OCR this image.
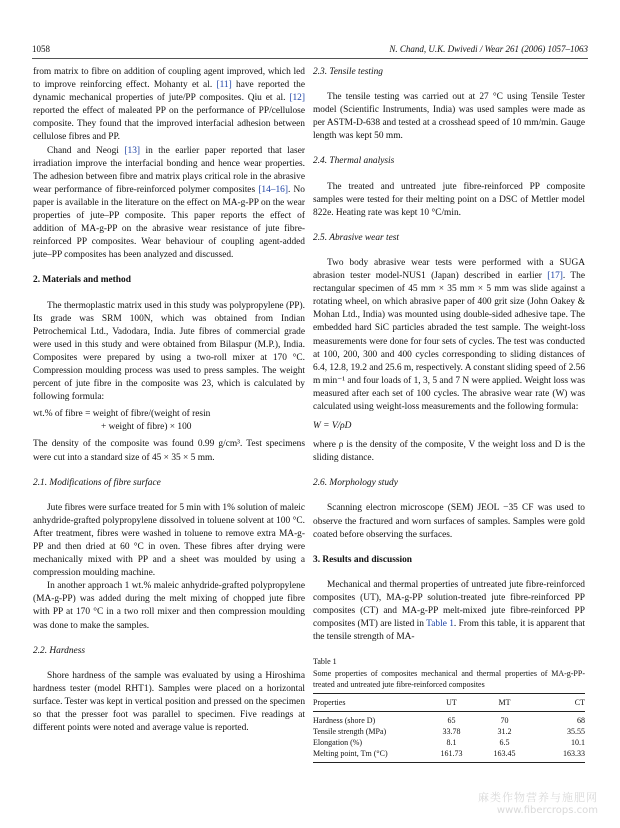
1058	N. Chand, U.K. Dwivedi / Wear 261 (2006) 1057–1063

from matrix to fibre on addition of coupling agent improved, which led to improve reinforcing effect. Mohanty et al. [11] have reported the dynamic mechanical properties of jute/PP composites. Qiu et al. [12] reported the effect of maleated PP on the performance of PP/cellulose composite. They found that the improved interfacial adhesion between cellulose fibres and PP.

Chand and Neogi [13] in the earlier paper reported that laser irradiation improve the interfacial bonding and hence wear properties. The adhesion between fibre and matrix plays critical role in the abrasive wear performance of fibre-reinforced polymer composites [14–16]. No paper is available in the literature on the effect on MA-g-PP on the wear properties of jute–PP composite. This paper reports the effect of addition of MA-g-PP on the abrasive wear resistance of jute fibre-reinforced PP composites. Wear behaviour of coupling agent-added jute–PP composites has been analyzed and discussed.

2. Materials and method

The thermoplastic matrix used in this study was polypropylene (PP). Its grade was SRM 100N, which was obtained from Indian Petrochemical Ltd., Vadodara, India. Jute fibres of commercial grade were used in this study and were obtained from Bilaspur (M.P.), India. Composites were prepared by using a two-roll mixer at 170 °C. Compression moulding process was used to press samples. The weight percent of jute fibre in the composite was 23, which is calculated by following formula:

wt.% of fibre = weight of fibre/(weight of resin
+ weight of fibre) × 100

The density of the composite was found 0.99 g/cm³. Test specimens were cut into a standard size of 45 × 35 × 5 mm.

2.1. Modifications of fibre surface

Jute fibres were surface treated for 5 min with 1% solution of maleic anhydride-grafted polypropylene dissolved in toluene solvent at 100 °C. After treatment, fibres were washed in toluene to remove extra MA-g-PP and then dried at 60 °C in oven. These fibres after drying were mechanically mixed with PP and a sheet was moulded by using a compression moulding machine.

In another approach 1 wt.% maleic anhydride-grafted polypropylene (MA-g-PP) was added during the melt mixing of chopped jute fibre with PP at 170 °C in a two roll mixer and then compression moulding was done to make the samples.

2.2. Hardness

Shore hardness of the sample was evaluated by using a Hiroshima hardness tester (model RHT1). Samples were placed on a horizontal surface. Tester was kept in vertical position and pressed on the specimen so that the presser foot was parallel to specimen. Five readings at different points were noted and average value is reported.

2.3. Tensile testing

The tensile testing was carried out at 27 °C using Tensile Tester model (Scientific Instruments, India) was used samples were made as per ASTM-D-638 and tested at a crosshead speed of 10 mm/min. Gauge length was kept 50 mm.

2.4. Thermal analysis

The treated and untreated jute fibre-reinforced PP composite samples were tested for their melting point on a DSC of Mettler model 822e. Heating rate was kept 10 °C/min.

2.5. Abrasive wear test

Two body abrasive wear tests were performed with a SUGA abrasion tester model-NUS1 (Japan) described in earlier [17]. The rectangular specimen of 45 mm × 35 mm × 5 mm was slide against a rotating wheel, on which abrasive paper of 400 grit size (John Oakey & Mohan Ltd., India) was mounted using double-sided adhesive tape. The embedded hard SiC particles abraded the test sample. The weight-loss measurements were done for four sets of cycles. The test was conducted at 100, 200, 300 and 400 cycles corresponding to sliding distances of 6.4, 12.8, 19.2 and 25.6 m, respectively. A constant sliding speed of 2.56 m min⁻¹ and four loads of 1, 3, 5 and 7 N were applied. Weight loss was measured after each set of 100 cycles. The abrasive wear rate (W) was calculated using weight-loss measurements and the following formula:

W = V/ρD

where ρ is the density of the composite, V the weight loss and D is the sliding distance.

2.6. Morphology study

Scanning electron microscope (SEM) JEOL −35 CF was used to observe the fractured and worn surfaces of samples. Samples were gold coated before observing the surfaces.

3. Results and discussion

Mechanical and thermal properties of untreated jute fibre-reinforced composites (UT), MA-g-PP solution-treated jute fibre-reinforced PP composites (CT) and MA-g-PP melt-mixed jute fibre-reinforced PP composites (MT) are listed in Table 1. From this table, it is apparent that the tensile strength of MA-

Table 1
Some properties of composites mechanical and thermal properties of MA-g-PP-treated and untreated jute fibre-reinforced composites
Properties	UT	MT	CT
Hardness (shore D)	65	70	68
Tensile strength (MPa)	33.78	31.2	35.55
Elongation (%)	8.1	6.5	10.1
Melting point, Tm (°C)	161.73	163.45	163.33
麻类作物营养与施肥网
www.fibercrops.com
